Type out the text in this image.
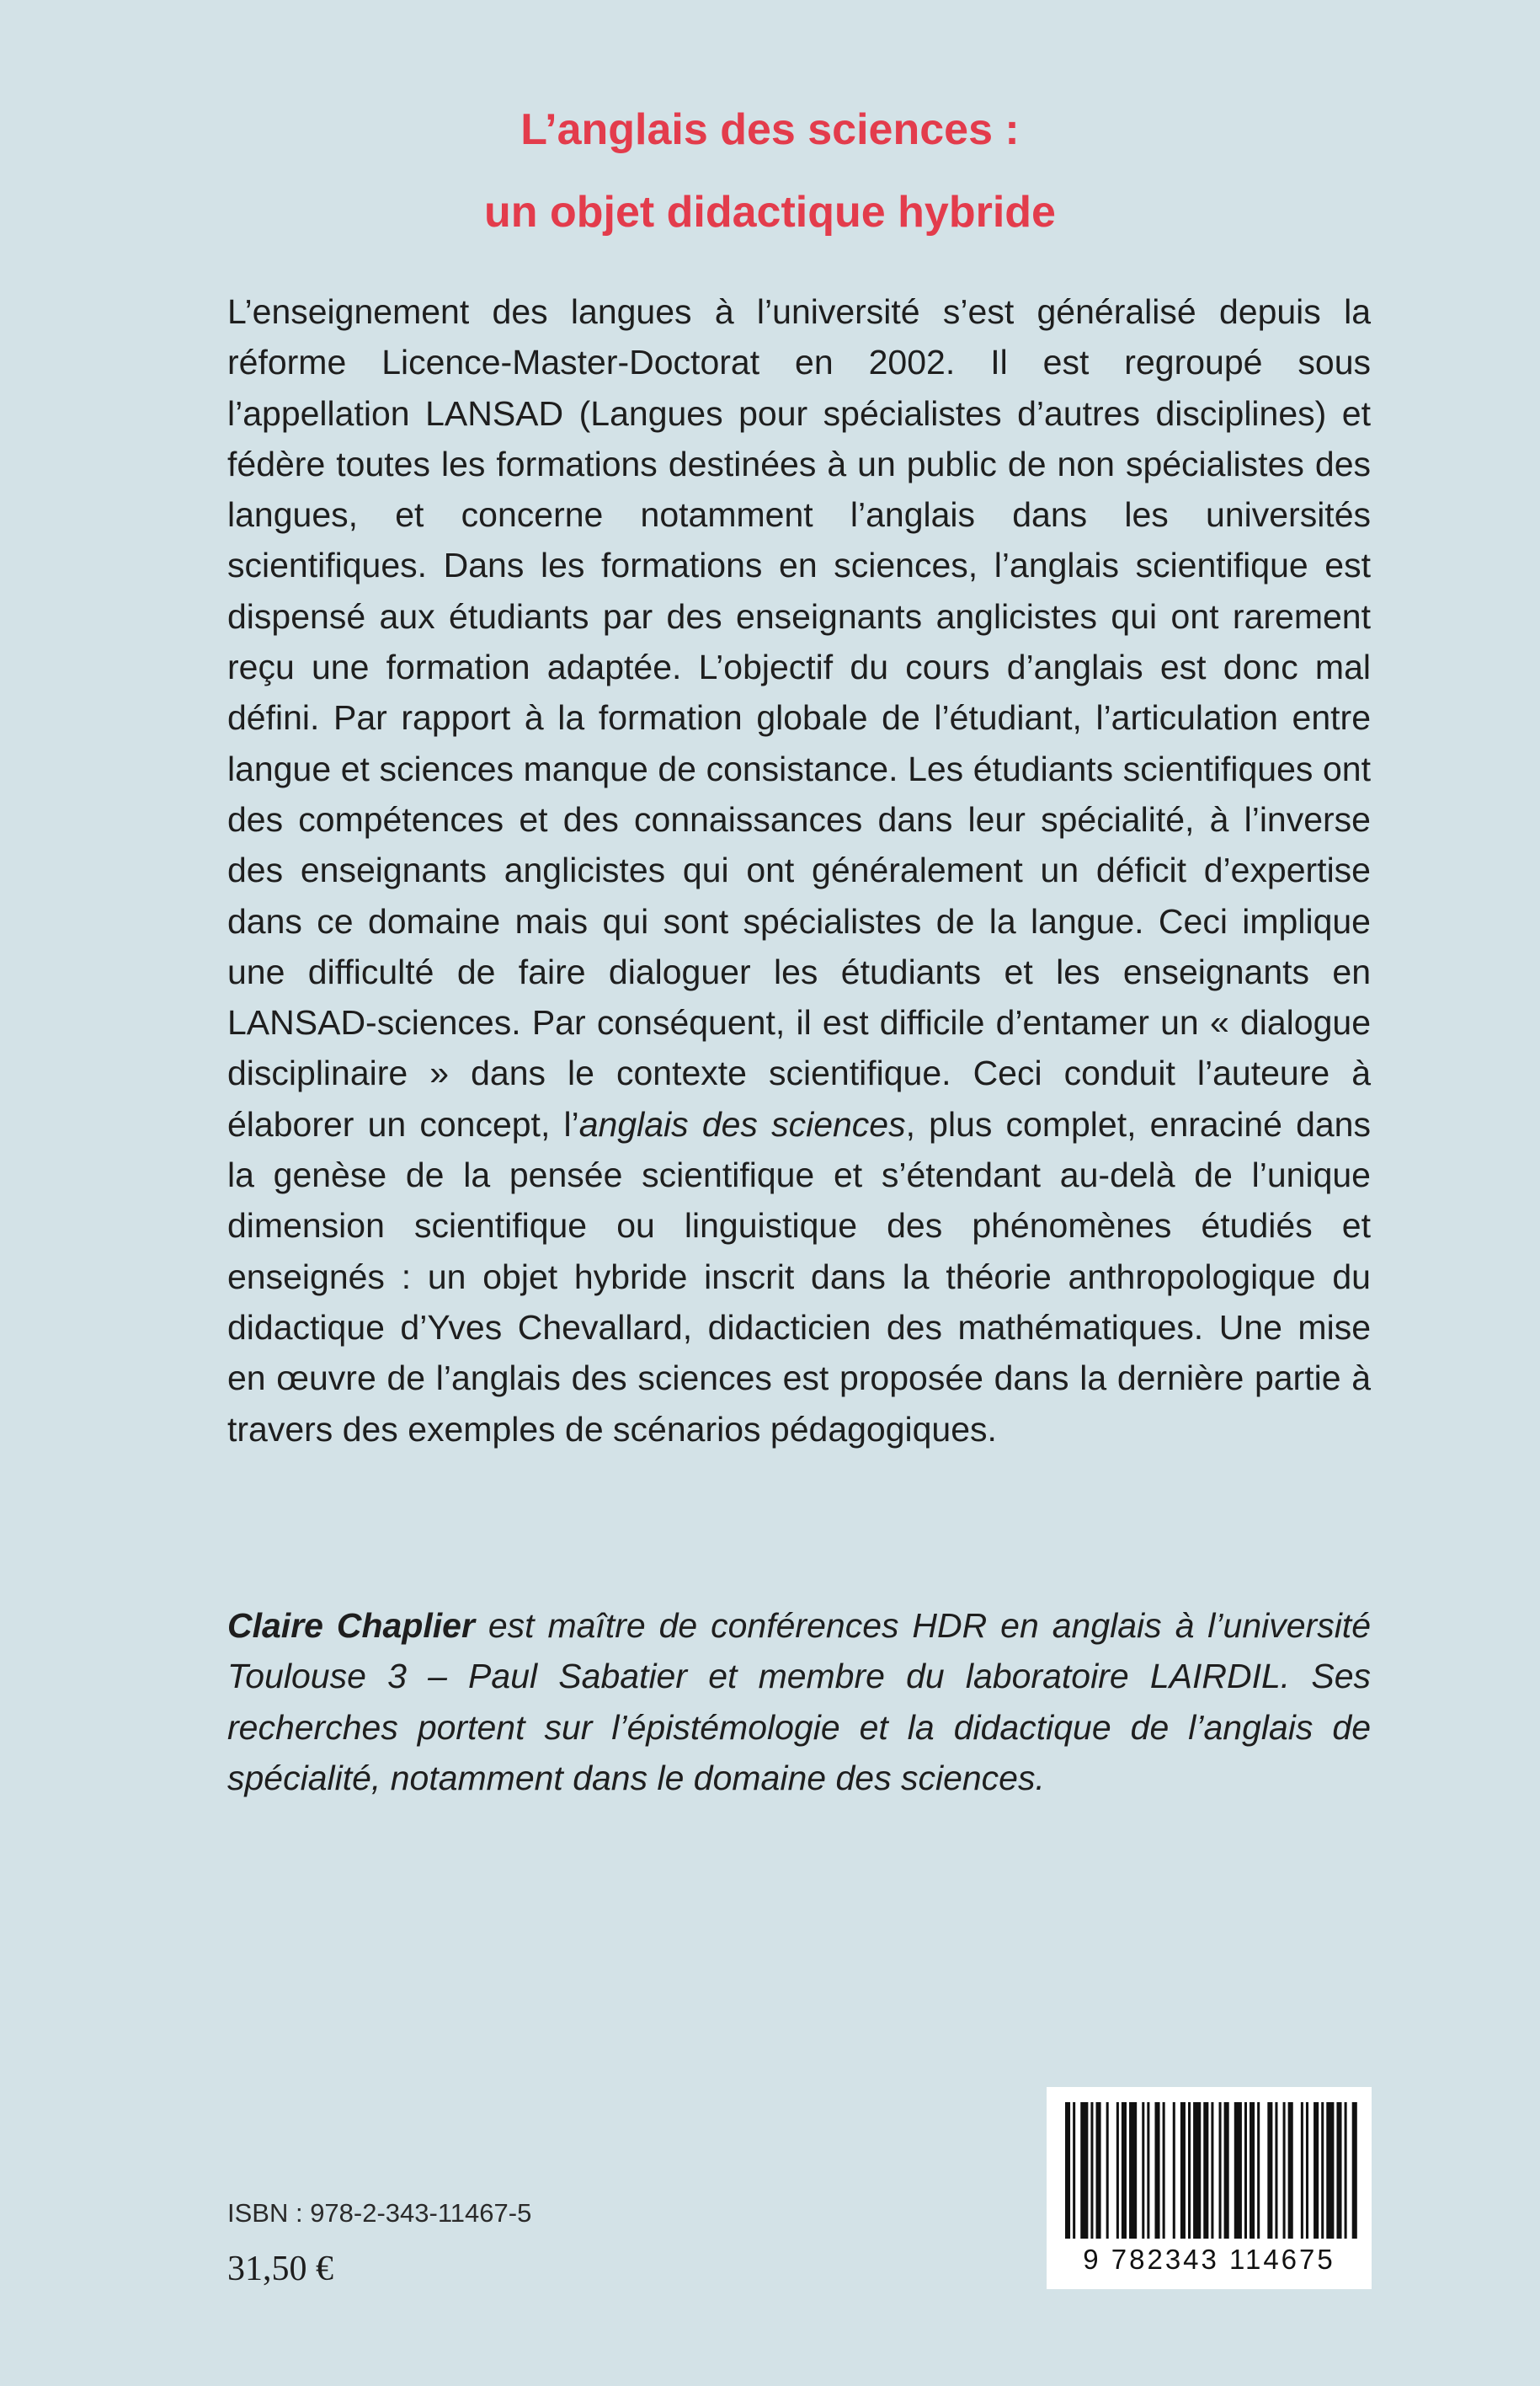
L’anglais des sciences :
un objet didactique hybride

L’enseignement des langues à l’université s’est généralisé depuis la réforme Licence-Master-Doctorat en 2002. Il est regroupé sous l’appellation LANSAD (Langues pour spécialistes d’autres disciplines) et fédère toutes les formations destinées à un public de non spécialistes des langues, et concerne notamment l’anglais dans les universités scientifiques. Dans les formations en sciences, l’anglais scientifique est dispensé aux étudiants par des enseignants anglicistes qui ont rarement reçu une formation adaptée. L’objectif du cours d’anglais est donc mal défini. Par rapport à la formation globale de l’étudiant, l’articulation entre langue et sciences manque de consistance. Les étudiants scientifiques ont des compétences et des connaissances dans leur spécialité, à l’inverse des enseignants anglicistes qui ont généralement un déficit d’expertise dans ce domaine mais qui sont spécialistes de la langue. Ceci implique une difficulté de faire dialoguer les étudiants et les enseignants en LANSAD-sciences. Par conséquent, il est difficile d’entamer un « dialogue disciplinaire » dans le contexte scientifique. Ceci conduit l’auteure à élaborer un concept, l’anglais des sciences, plus complet, enraciné dans la genèse de la pensée scientifique et s’étendant au-delà de l’unique dimension scientifique ou linguistique des phénomènes étudiés et enseignés : un objet hybride inscrit dans la théorie anthropologique du didactique d’Yves Chevallard, didacticien des mathématiques. Une mise en œuvre de l’anglais des sciences est proposée dans la dernière partie à travers des exemples de scénarios pédagogiques.

Claire Chaplier est maître de conférences HDR en anglais à l’université Toulouse 3 – Paul Sabatier et membre du laboratoire LAIRDIL. Ses recherches portent sur l’épistémologie et la didactique de l’anglais de spécialité, notamment dans le domaine des sciences.

9 782343 114675
ISBN : 978-2-343-11467-5
31,50 €
